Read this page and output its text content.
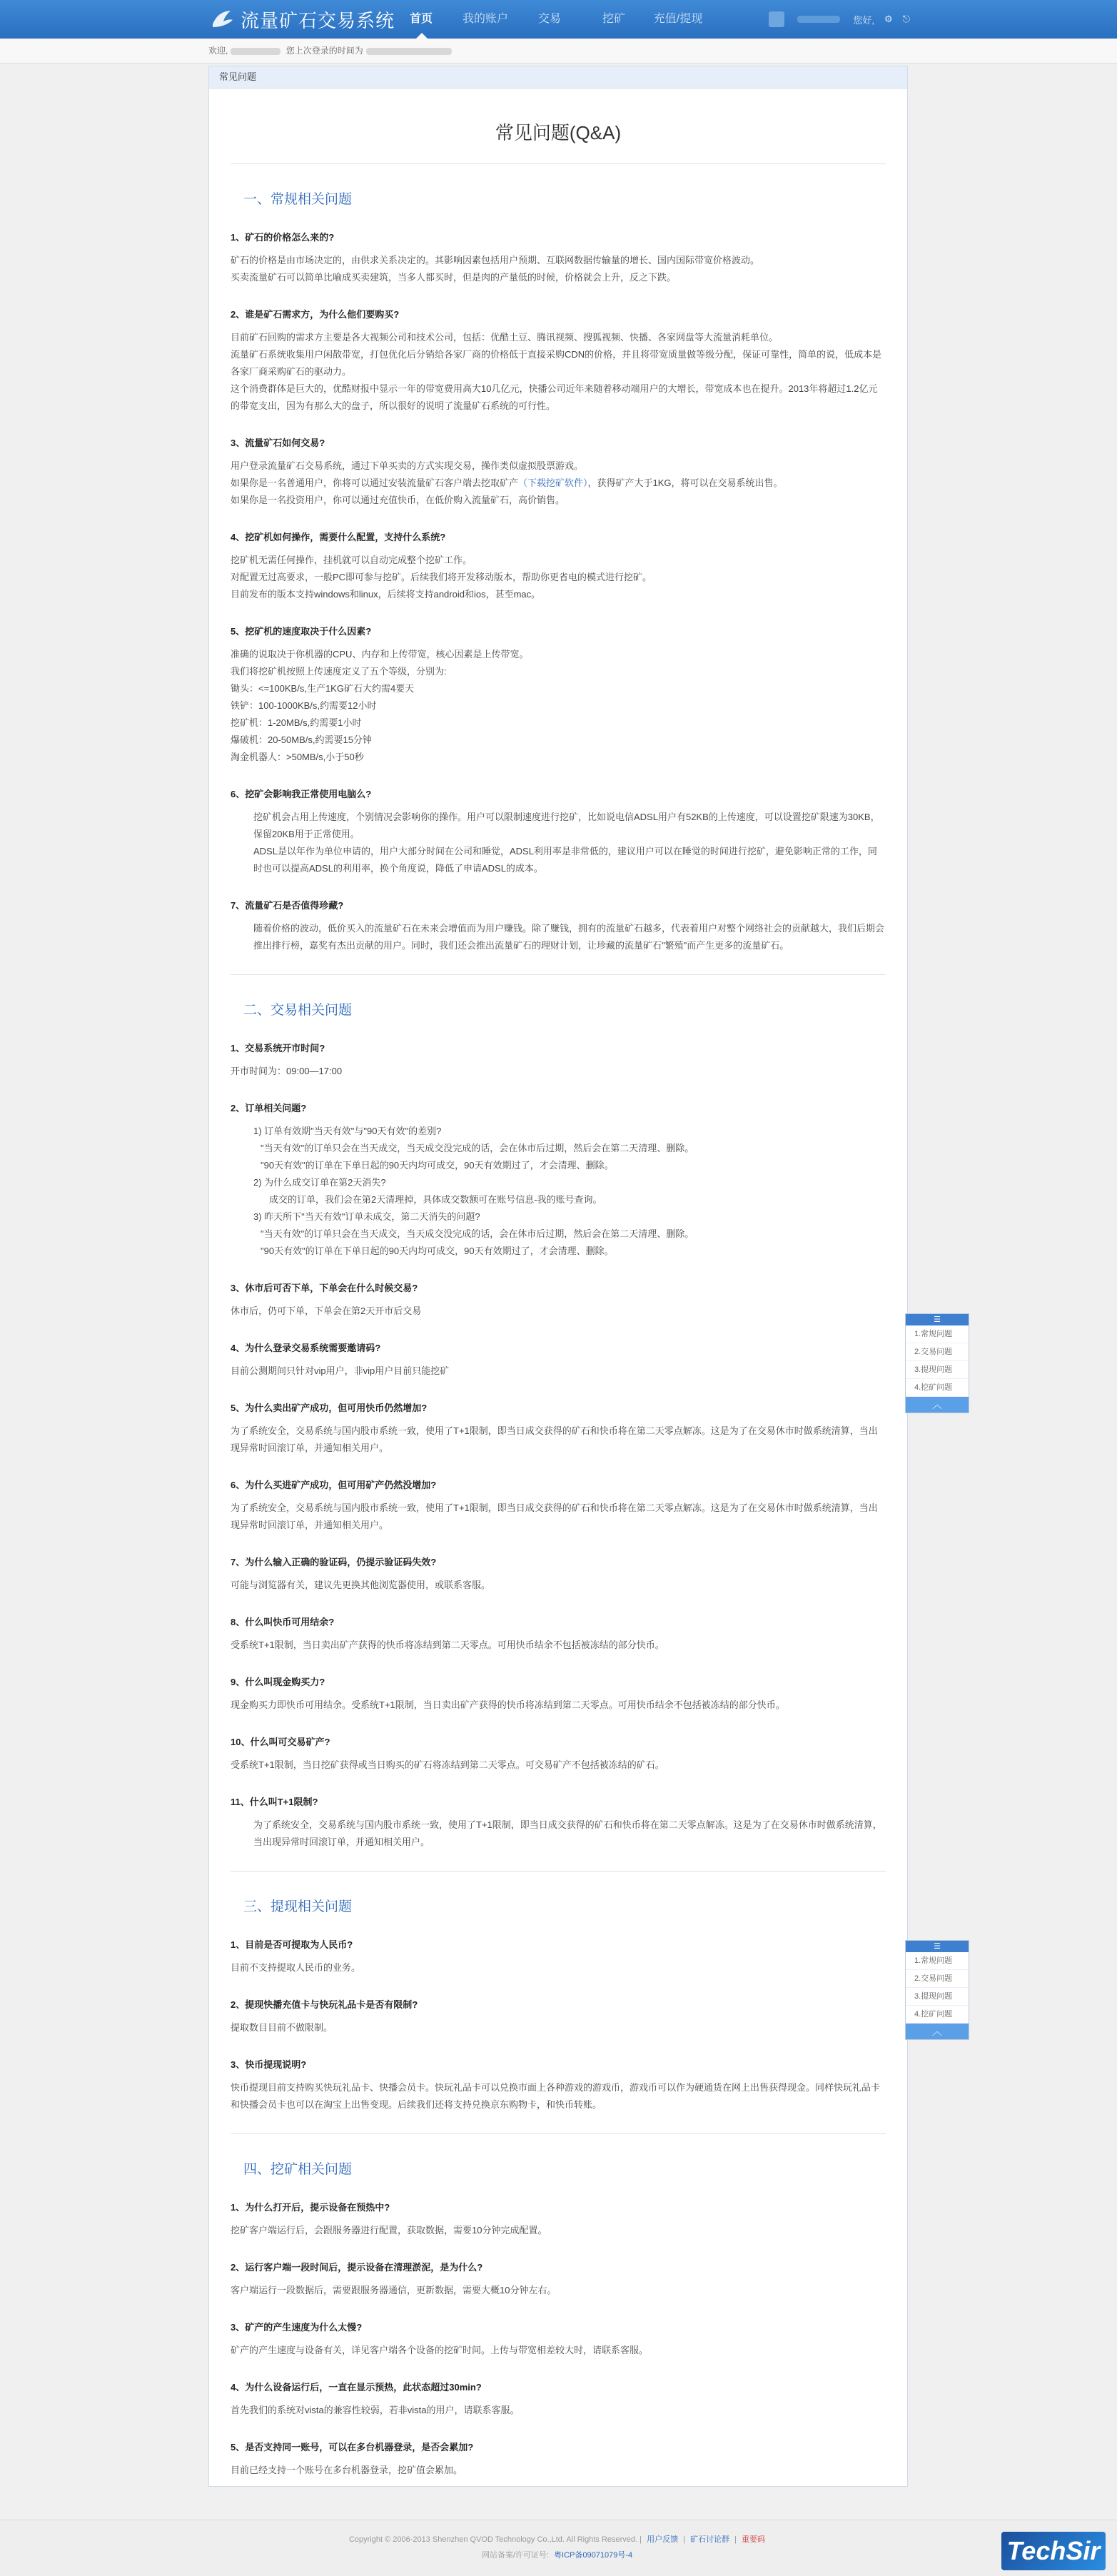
流量矿石交易系统	首页	我的账户	交易	挖矿	充值/提现	您好, ⚙ ⎋
欢迎,	您上次登录的时间为
常见问题
常见问题(Q&A)
一、常规相关问题
1、矿石的价格怎么来的?
矿石的价格是由市场决定的，由供求关系决定的。其影响因素包括用户预期、互联网数据传输量的增长、国内国际带宽价格波动。
买卖流量矿石可以简单比喻成买卖建筑，当多人都买时，但是肉的产量低的时候，价格就会上升，反之下跌。
2、谁是矿石需求方，为什么他们要购买?
目前矿石回购的需求方主要是各大视频公司和技术公司，包括：优酷土豆、腾讯视频、搜狐视频、快播、各家网盘等大流量消耗单位。
流量矿石系统收集用户闲散带宽，打包优化后分销给各家厂商的价格低于直接采购CDN的价格，并且将带宽质量做等级分配，保证可靠性，简单的说，低成本是各家厂商采购矿石的驱动力。
这个消费群体是巨大的，优酷财报中显示一年的带宽费用高大10几亿元，快播公司近年来随着移动端用户的大增长，带宽成本也在提升。2013年将超过1.2亿元的带宽支出，因为有那么大的盘子，所以很好的说明了流量矿石系统的可行性。
3、流量矿石如何交易?
用户登录流量矿石交易系统，通过下单买卖的方式实现交易，操作类似虚拟股票游戏。
如果你是一名普通用户，你将可以通过安装流量矿石客户端去挖取矿产（下载挖矿软件），获得矿产大于1KG，将可以在交易系统出售。
如果你是一名投资用户，你可以通过充值快币，在低价购入流量矿石，高价销售。
4、挖矿机如何操作，需要什么配置，支持什么系统?
挖矿机无需任何操作，挂机就可以自动完成整个挖矿工作。
对配置无过高要求，一般PC即可参与挖矿。后续我们将开发移动版本，帮助你更省电的模式进行挖矿。
目前发布的版本支持windows和linux，后续将支持android和ios，甚至mac。
5、挖矿机的速度取决于什么因素?
准确的说取决于你机器的CPU、内存和上传带宽，核心因素是上传带宽。
我们将挖矿机按照上传速度定义了五个等级，分别为:
锄头：<=100KB/s,生产1KG矿石大约需4要天
铁铲：100-1000KB/s,约需要12小时
挖矿机：1-20MB/s,约需要1小时
爆破机：20-50MB/s,约需要15分钟
淘金机器人：>50MB/s,小于50秒
6、挖矿会影响我正常使用电脑么?
挖矿机会占用上传速度，个别情况会影响你的操作。用户可以限制速度进行挖矿，比如说电信ADSL用户有52KB的上传速度，可以设置挖矿限速为30KB，保留20KB用于正常使用。
ADSL是以年作为单位申请的，用户大部分时间在公司和睡觉，ADSL利用率是非常低的，建议用户可以在睡觉的时间进行挖矿，避免影响正常的工作，同时也可以提高ADSL的利用率，换个角度说，降低了申请ADSL的成本。
7、流量矿石是否值得珍藏?
随着价格的波动，低价买入的流量矿石在未来会增值而为用户赚钱。除了赚钱，拥有的流量矿石越多，代表着用户对整个网络社会的贡献越大，我们后期会推出排行榜，嘉奖有杰出贡献的用户。同时，我们还会推出流量矿石的理财计划，让珍藏的流量矿石"繁殖"而产生更多的流量矿石。
二、交易相关问题
1、交易系统开市时间?
开市时间为：09:00—17:00
2、订单相关问题?
1) 订单有效期"当天有效"与"90天有效"的差别?
"当天有效"的订单只会在当天成交，当天成交没完成的话，会在休市后过期，然后会在第二天清理、删除。
"90天有效"的订单在下单日起的90天内均可成交，90天有效期过了，才会清理、删除。
2) 为什么成交订单在第2天消失?
成交的订单，我们会在第2天清理掉，具体成交数额可在账号信息-我的账号查询。
3) 昨天所下"当天有效"订单未成交，第二天消失的问题?
"当天有效"的订单只会在当天成交，当天成交没完成的话，会在休市后过期，然后会在第二天清理、删除。
"90天有效"的订单在下单日起的90天内均可成交，90天有效期过了，才会清理、删除。
3、休市后可否下单，下单会在什么时候交易?
休市后，仍可下单，下单会在第2天开市后交易
4、为什么登录交易系统需要邀请码?
目前公测期间只针对vip用户，非vip用户目前只能挖矿
5、为什么卖出矿产成功，但可用快币仍然增加?
为了系统安全，交易系统与国内股市系统一致，使用了T+1限制，即当日成交获得的矿石和快币将在第二天零点解冻。这是为了在交易休市时做系统清算，当出现异常时回滚订单，并通知相关用户。
6、为什么买进矿产成功，但可用矿产仍然没增加?
为了系统安全，交易系统与国内股市系统一致，使用了T+1限制，即当日成交获得的矿石和快币将在第二天零点解冻。这是为了在交易休市时做系统清算，当出现异常时回滚订单，并通知相关用户。
7、为什么输入正确的验证码，仍提示验证码失效?
可能与浏览器有关，建议先更换其他浏览器使用，或联系客服。
8、什么叫快币可用结余?
受系统T+1限制，当日卖出矿产获得的快币将冻结到第二天零点。可用快币结余不包括被冻结的部分快币。
9、什么叫现金购买力?
现金购买力即快币可用结余。受系统T+1限制，当日卖出矿产获得的快币将冻结到第二天零点。可用快币结余不包括被冻结的部分快币。
10、什么叫可交易矿产?
受系统T+1限制，当日挖矿获得或当日购买的矿石将冻结到第二天零点。可交易矿产不包括被冻结的矿石。
11、什么叫T+1限制?
为了系统安全，交易系统与国内股市系统一致，使用了T+1限制，即当日成交获得的矿石和快币将在第二天零点解冻。这是为了在交易休市时做系统清算，当出现异常时回滚订单，并通知相关用户。
三、提现相关问题
1、目前是否可提取为人民币?
目前不支持提取人民币的业务。
2、提现快播充值卡与快玩礼品卡是否有限制?
提取数目目前不做限制。
3、快币提现说明?
快币提现目前支持购买快玩礼品卡、快播会员卡。快玩礼品卡可以兑换市面上各种游戏的游戏币，游戏币可以作为硬通货在网上出售获得现金。同样快玩礼品卡和快播会员卡也可以在淘宝上出售变现。后续我们还将支持兑换京东购物卡，和快币转账。
四、挖矿相关问题
1、为什么打开后，提示设备在预热中?
挖矿客户端运行后，会跟服务器进行配置，获取数据，需要10分钟完成配置。
2、运行客户端一段时间后，提示设备在清理淤泥，是为什么?
客户端运行一段数据后，需要跟服务器通信，更新数据，需要大概10分钟左右。
3、矿产的产生速度为什么太慢?
矿产的产生速度与设备有关，详见客户端各个设备的挖矿时间。上传与带宽相差较大时，请联系客服。
4、为什么设备运行后，一直在显示预热，此状态超过30min?
首先我们的系统对vista的兼容性较弱，若非vista的用户，请联系客服。
5、是否支持同一账号，可以在多台机器登录，是否会累加?
目前已经支持一个账号在多台机器登录，挖矿值会累加。
☰
1.常规问题
2.交易问题
3.提现问题
4.挖矿问题
︿
☰
1.常规问题
2.交易问题
3.提现问题
4.挖矿问题
︿
Copyright © 2006-2013 Shenzhen QVOD Technology Co.,Ltd. All Rights Reserved. | 用户反馈 | 矿石讨论群 | 重要码
网站备案/许可证号: 粤ICP备09071079号-4	TechSir
